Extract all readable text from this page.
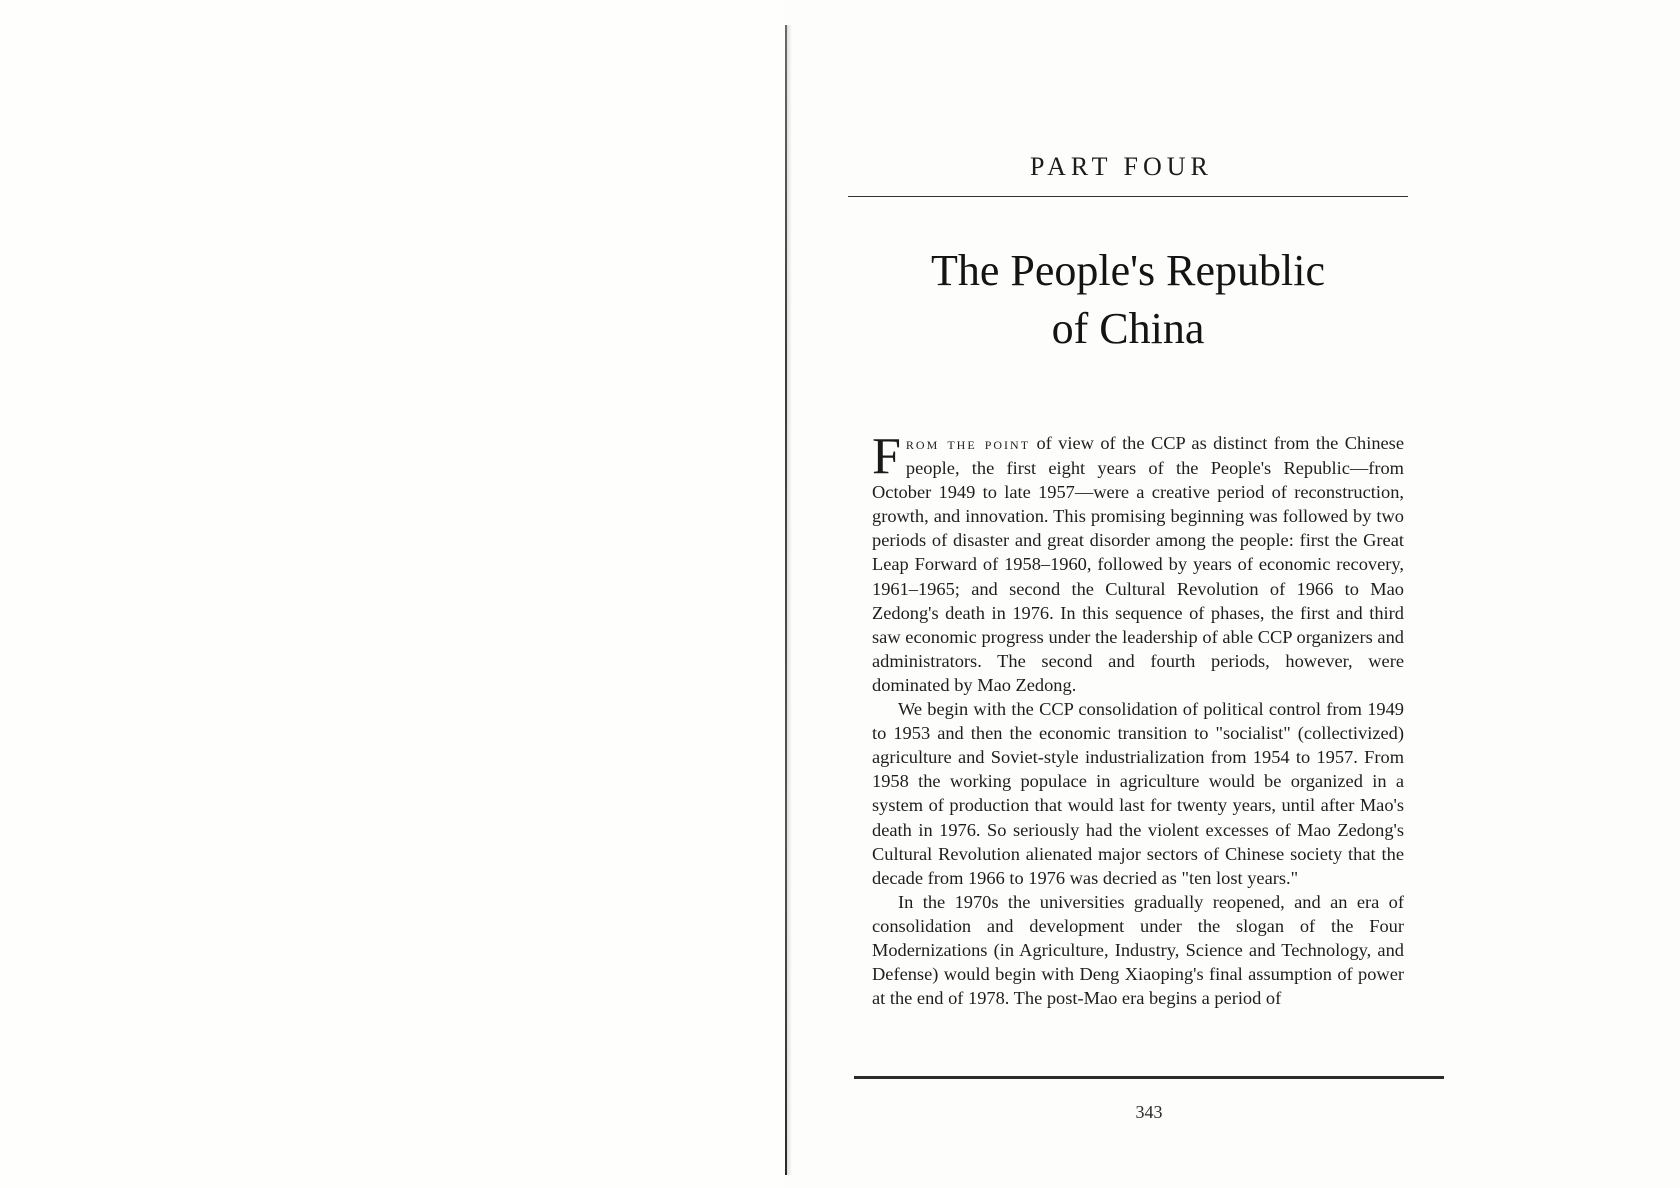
PART FOUR
The People's Republic
of China

F rom the point of view of the CCP as distinct from the Chinese people, the first eight years of the People's Republic—from October 1949 to late 1957—were a creative period of reconstruction, growth, and innovation. This promising beginning was followed by two periods of disaster and great disorder among the people: first the Great Leap Forward of 1958–1960, followed by years of economic recovery, 1961–1965; and second the Cultural Revolution of 1966 to Mao Zedong's death in 1976. In this sequence of phases, the first and third saw economic progress under the leadership of able CCP organizers and administrators. The second and fourth periods, however, were dominated by Mao Zedong.

We begin with the CCP consolidation of political control from 1949 to 1953 and then the economic transition to "socialist" (collectivized) agriculture and Soviet-style industrialization from 1954 to 1957. From 1958 the working populace in agriculture would be organized in a system of production that would last for twenty years, until after Mao's death in 1976. So seriously had the violent excesses of Mao Zedong's Cultural Revolution alienated major sectors of Chinese society that the decade from 1966 to 1976 was decried as "ten lost years."

In the 1970s the universities gradually reopened, and an era of consolidation and development under the slogan of the Four Modernizations (in Agriculture, Industry, Science and Technology, and Defense) would begin with Deng Xiaoping's final assumption of power at the end of 1978. The post-Mao era begins a period of

343
